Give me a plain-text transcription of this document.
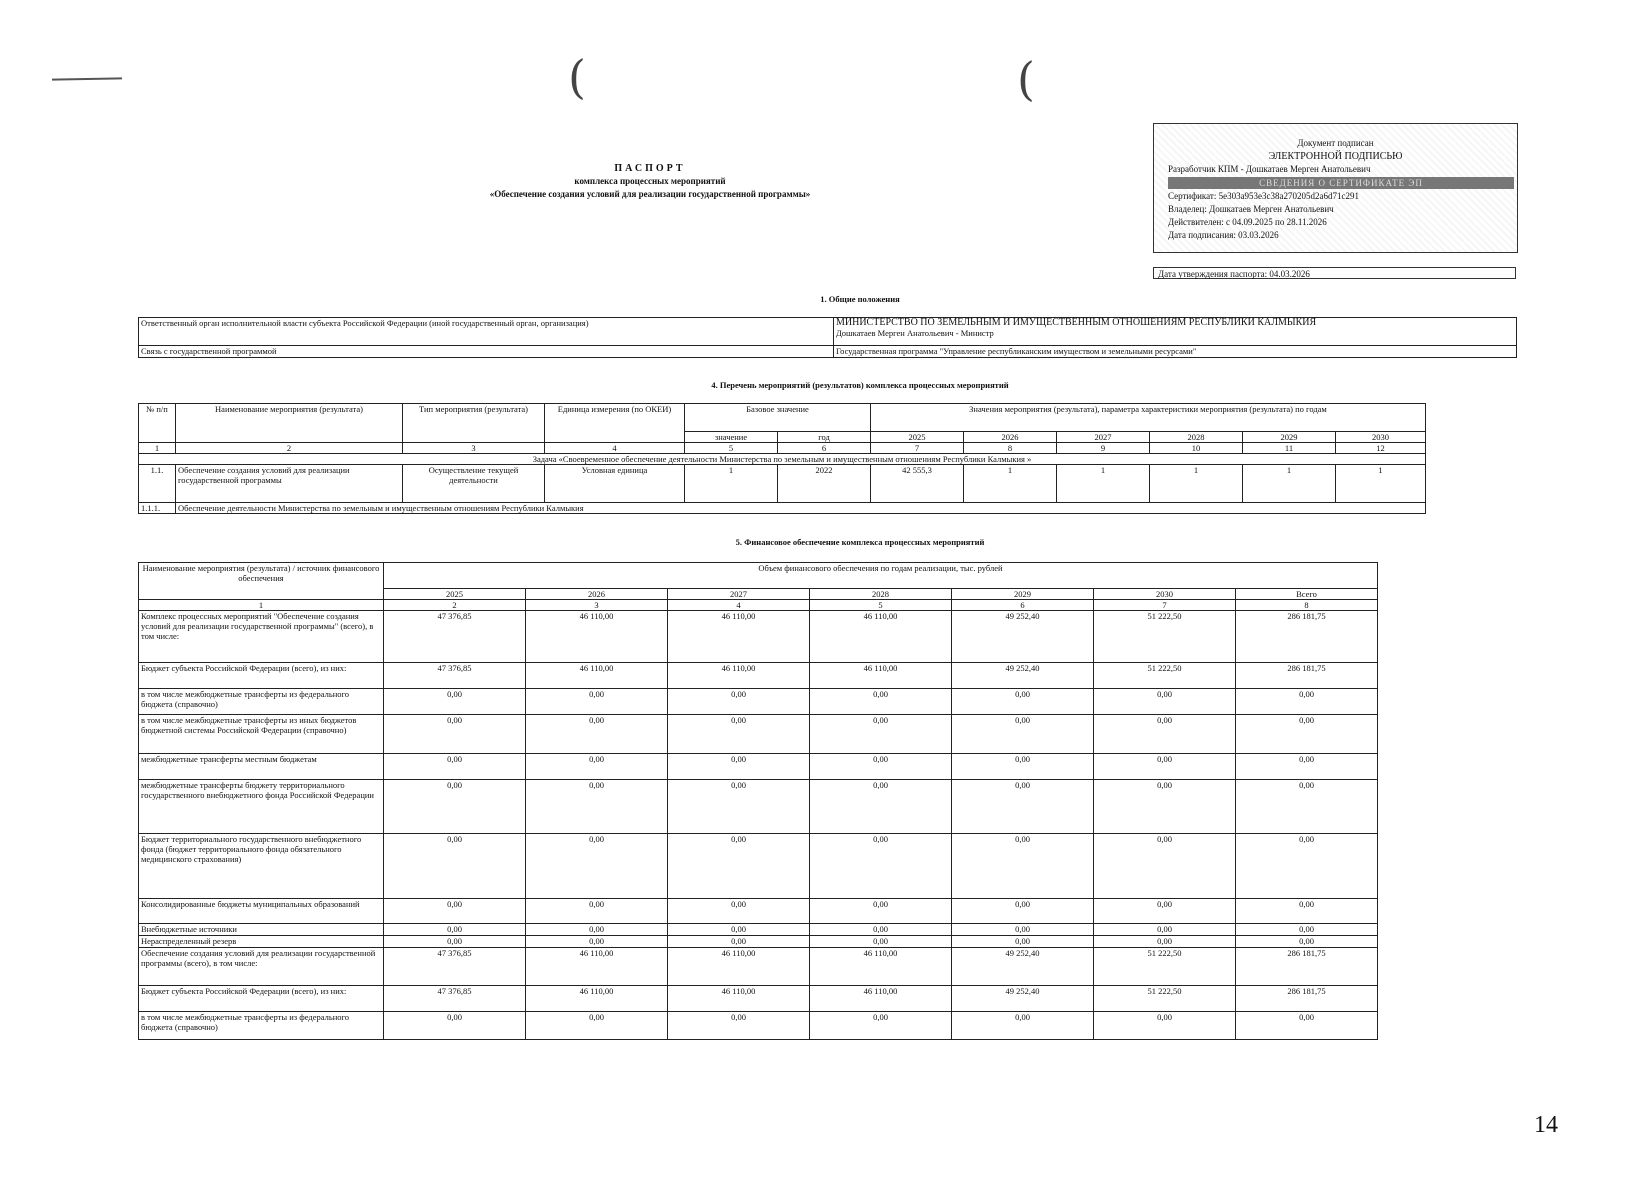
(	(
ПАСПОРТ
комплекса процессных мероприятий
«Обеспечение создания условий для реализации государственной программы»
Документ подписан
ЭЛЕКТРОННОЙ ПОДПИСЬЮ
Разработчик КПМ - Дошкатаев Мерген Анатольевич
СВЕДЕНИЯ О СЕРТИФИКАТЕ ЭП
Сертификат: 5e303a953e3c38a270205d2a6d71c291
Владелец: Дошкатаев Мерген Анатольевич
Действителен: с 04.09.2025 по 28.11.2026
Дата подписания: 03.03.2026
Дата утверждения паспорта: 04.03.2026
1. Общие положения
Ответственный орган исполнительной власти субъекта Российской Федерации (иной государственный орган, организация)	МИНИСТЕРСТВО ПО ЗЕМЕЛЬНЫМ И ИМУЩЕСТВЕННЫМ ОТНОШЕНИЯМ РЕСПУБЛИКИ КАЛМЫКИЯ
Дошкатаев Мерген Анатольевич - Министр

Связь с государственной программой	Государственная программа "Управление республиканским имуществом и земельными ресурсами"
4. Перечень мероприятий (результатов) комплекса процессных мероприятий
№ п/п	Наименование мероприятия (результата)	Тип мероприятия (результата)	Единица измерения (по ОКЕИ)	Базовое значение		Значения мероприятия (результата), параметра характеристики мероприятия (результата) по годам					
				значение	год	2025	2026	2027	2028	2029	2030
1	2	3	4	5	6	7	8	9	10	11	12
Задача «Своевременное обеспечение деятельности Министерства по земельным и имущественным отношениям Республики Калмыкия »											
1.1.	Обеспечение создания условий для реализации государственной программы	Осуществление текущей деятельности	Условная единица	1	2022	42 555,3	1	1	1	1	1
1.1.1.	Обеспечение деятельности Министерства по земельным и имущественным отношениям Республики Калмыкия										
5. Финансовое обеспечение комплекса процессных мероприятий
Наименование мероприятия (результата) / источник финансового обеспечения	Объем финансового обеспечения по годам реализации, тыс. рублей						
	2025	2026	2027	2028	2029	2030	Всего
1	2	3	4	5	6	7	8
Комплекс процессных мероприятий "Обеспечение создания условий для реализации государственной программы" (всего), в том числе:	47 376,85	46 110,00	46 110,00	46 110,00	49 252,40	51 222,50	286 181,75
Бюджет субъекта Российской Федерации (всего), из них:	47 376,85	46 110,00	46 110,00	46 110,00	49 252,40	51 222,50	286 181,75
в том числе межбюджетные трансферты из федерального бюджета (справочно)	0,00	0,00	0,00	0,00	0,00	0,00	0,00
в том числе межбюджетные трансферты из иных бюджетов бюджетной системы Российской Федерации (справочно)	0,00	0,00	0,00	0,00	0,00	0,00	0,00
межбюджетные трансферты местным бюджетам	0,00	0,00	0,00	0,00	0,00	0,00	0,00
межбюджетные трансферты бюджету территориального государственного внебюджетного фонда Российской Федерации	0,00	0,00	0,00	0,00	0,00	0,00	0,00
Бюджет территориального государственного внебюджетного фонда (бюджет территориального фонда обязательного медицинского страхования)	0,00	0,00	0,00	0,00	0,00	0,00	0,00
Консолидированные бюджеты муниципальных образований	0,00	0,00	0,00	0,00	0,00	0,00	0,00
Внебюджетные источники	0,00	0,00	0,00	0,00	0,00	0,00	0,00
Нераспределенный резерв	0,00	0,00	0,00	0,00	0,00	0,00	0,00
Обеспечение создания условий для реализации государственной программы (всего), в том числе:	47 376,85	46 110,00	46 110,00	46 110,00	49 252,40	51 222,50	286 181,75
Бюджет субъекта Российской Федерации (всего), из них:	47 376,85	46 110,00	46 110,00	46 110,00	49 252,40	51 222,50	286 181,75
в том числе межбюджетные трансферты из федерального бюджета (справочно)	0,00	0,00	0,00	0,00	0,00	0,00	0,00
14
